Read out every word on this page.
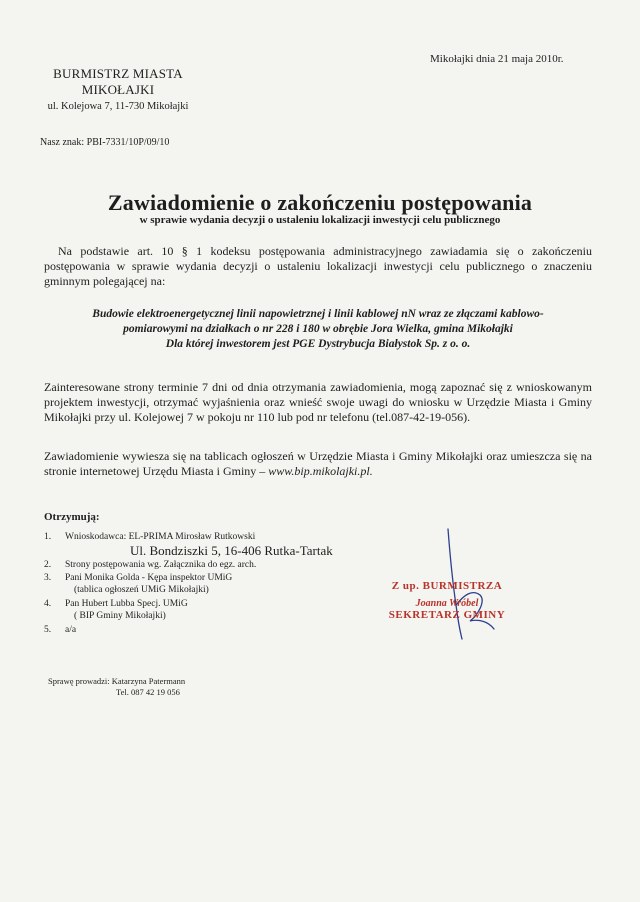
Mikołajki dnia 21 maja 2010r.
BURMISTRZ MIASTA
MIKOŁAJKI
ul. Kolejowa 7, 11-730 Mikołajki
Nasz znak: PBI-7331/10P/09/10
Zawiadomienie o zakończeniu postępowania
w sprawie wydania decyzji o ustaleniu lokalizacji inwestycji celu publicznego
Na podstawie art. 10 § 1 kodeksu postępowania administracyjnego zawiadamia się o zakończeniu postępowania w sprawie wydania decyzji o ustaleniu lokalizacji inwestycji celu publicznego o znaczeniu gminnym polegającej na:
Budowie elektroenergetycznej linii napowietrznej i linii kablowej nN wraz ze złączami kablowo-
pomiarowymi na działkach o nr 228 i 180 w obrębie Jora Wielka, gmina Mikołajki
Dla której inwestorem jest PGE Dystrybucja Białystok Sp. z o. o.
Zainteresowane strony terminie 7 dni od dnia otrzymania zawiadomienia, mogą zapoznać się z wnioskowanym projektem inwestycji, otrzymać wyjaśnienia oraz wnieść swoje uwagi do wniosku w Urzędzie Miasta i Gminy Mikołajki przy ul. Kolejowej 7 w pokoju nr 110 lub pod nr telefonu (tel.087-42-19-056).
Zawiadomienie wywiesza się na tablicach ogłoszeń w Urzędzie Miasta i Gminy Mikołajki oraz umieszcza się na stronie internetowej Urzędu Miasta i Gminy – www.bip.mikolajki.pl.
Otrzymują:
1.	Wnioskodawca: EL-PRIMA Mirosław Rutkowski
Ul. Bondziszki 5, 16-406 Rutka-Tartak
2.	Strony postępowania wg. Załącznika do egz. arch.
3.	Pani Monika Golda - Kępa inspektor UMiG
(tablica ogłoszeń UMiG Mikołajki)
4.	Pan Hubert Lubba Specj. UMiG
( BIP Gminy Mikołajki)
5.	a/a
Z up. BURMISTRZA
Joanna Wróbel
SEKRETARZ GMINY
Sprawę prowadzi: Katarzyna Patermann
Tel. 087 42 19 056
